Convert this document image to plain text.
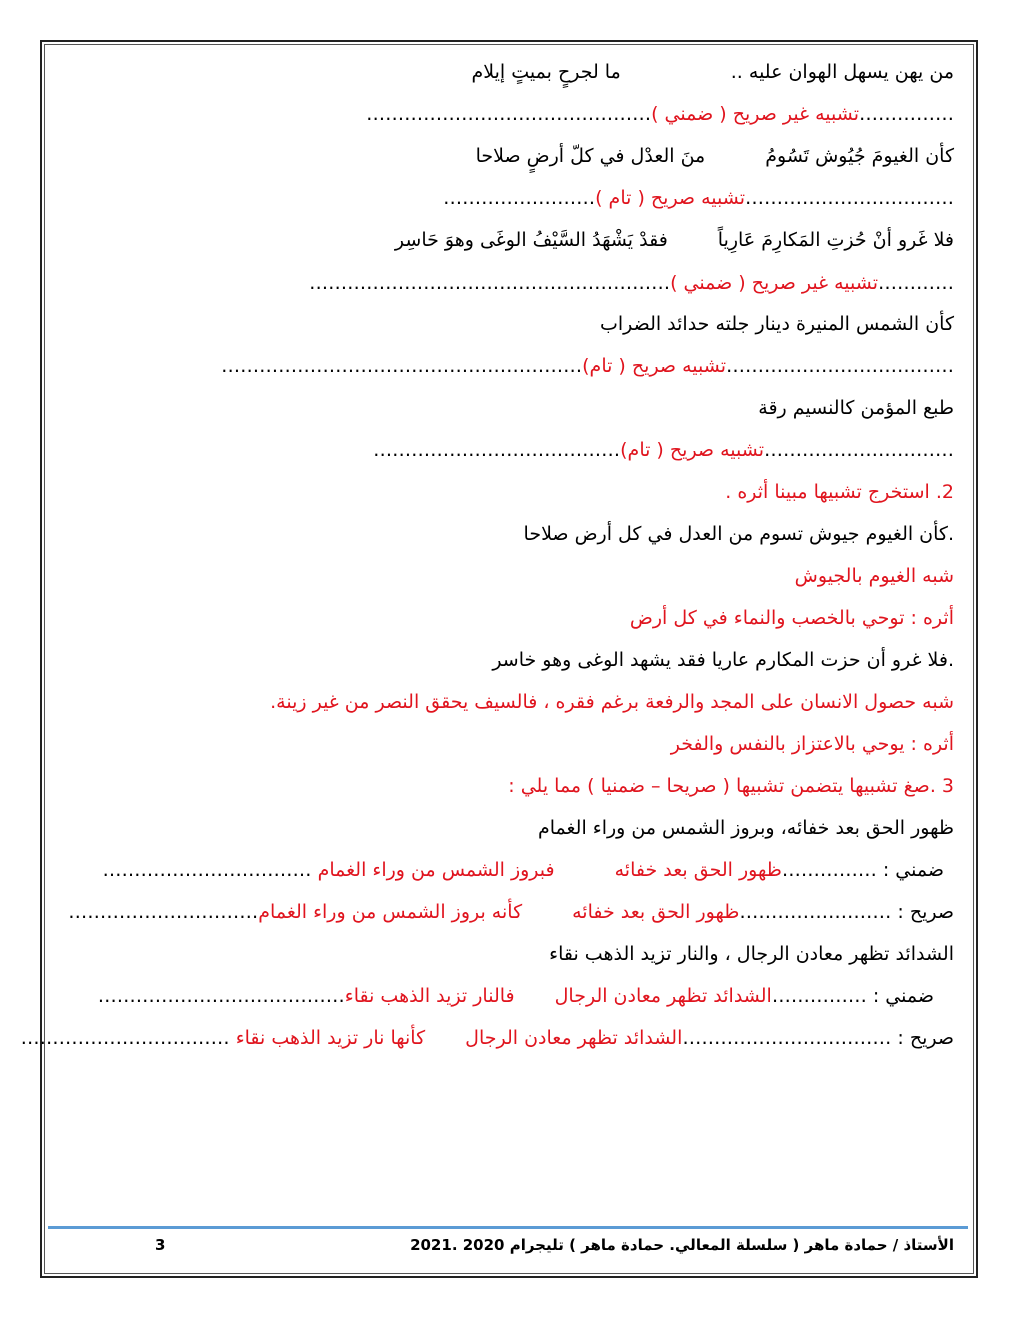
من يهن يسهل الهوان عليه ..ما لجرحٍ بميتٍ إيلام
……………تشبيه غير صريح ( ضمني )………………………………………
كأن الغيومَ جُيُوش تَسُومُمنَ العدْل في كلّ أرضٍ صلاحا
……………………………تشبيه صريح ( تام )……………………
فلا غَرو أنْ حُزتِ المَكارِمَ عَارِياًفقدْ يَشْهَدُ السَّيْفُ الوغَى وهوَ حَاسِر
…………تشبيه غير صريح ( ضمني )…………………………………………………
كأن الشمس المنيرة دينار جلته حدائد الضراب
………………………………تشبيه صريح ( تام)…………………………………………………
طبع المؤمن كالنسيم رقة
…………………………تشبيه صريح ( تام)…………………………………
2. استخرج تشبيها مبينا أثره .
.كأن الغيوم جيوش تسوم من العدل في كل أرض صلاحا
شبه الغيوم بالجيوش
أثره : توحي بالخصب والنماء في كل أرض
.فلا غرو أن حزت المكارم عاريا فقد يشهد الوغى وهو خاسر
شبه حصول الانسان على المجد والرفعة برغم فقره ، فالسيف يحقق النصر من غير زينة.
أثره : يوحي بالاعتزاز بالنفس والفخر
3 .صغ تشبيها يتضمن تشبيها ( صريحا – ضمنيا ) مما يلي :
ظهور الحق بعد خفائه، وبروز الشمس من وراء الغمام
ضمني : ……………ظهور الحق بعد خفائهفبروز الشمس من وراء الغمام ……………………………
صريح : ……………………ظهور الحق بعد خفائهكأنه بروز الشمس من وراء الغمام…………………………
الشدائد تظهر معادن الرجال ، والنار تزيد الذهب نقاء
ضمني : ……………الشدائد تظهر معادن الرجالفالنار تزيد الذهب نقاء…………………………………
صريح : ……………………………الشدائد تظهر معادن الرجالكأنها نار تزيد الذهب نقاء ……………………………
الأستاذ / حمادة ماهر ( سلسلة المعالي. حمادة ماهر ) تليجرام 2020 .2021
3
